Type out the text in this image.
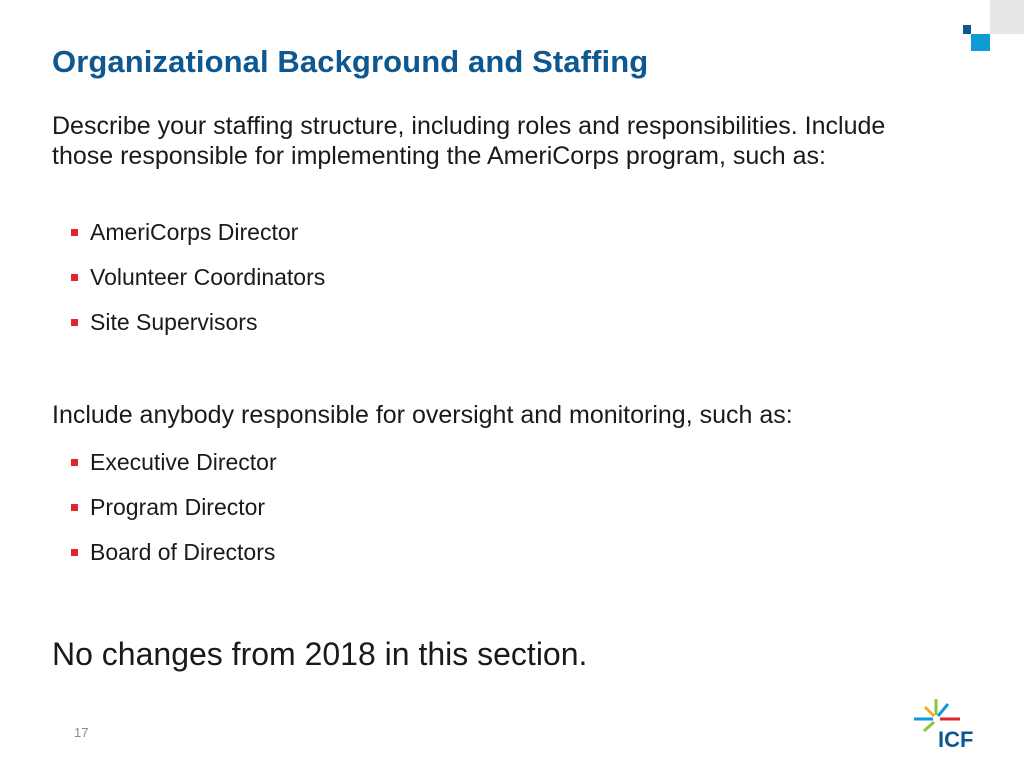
Organizational Background and Staffing

Describe your staffing structure, including roles and responsibilities. Include those responsible for implementing the AmeriCorps program, such as:

AmeriCorps Director
Volunteer Coordinators
Site Supervisors

Include anybody responsible for oversight and monitoring, such as:

Executive Director
Program Director
Board of Directors

No changes from 2018 in this section.

17	ICF
